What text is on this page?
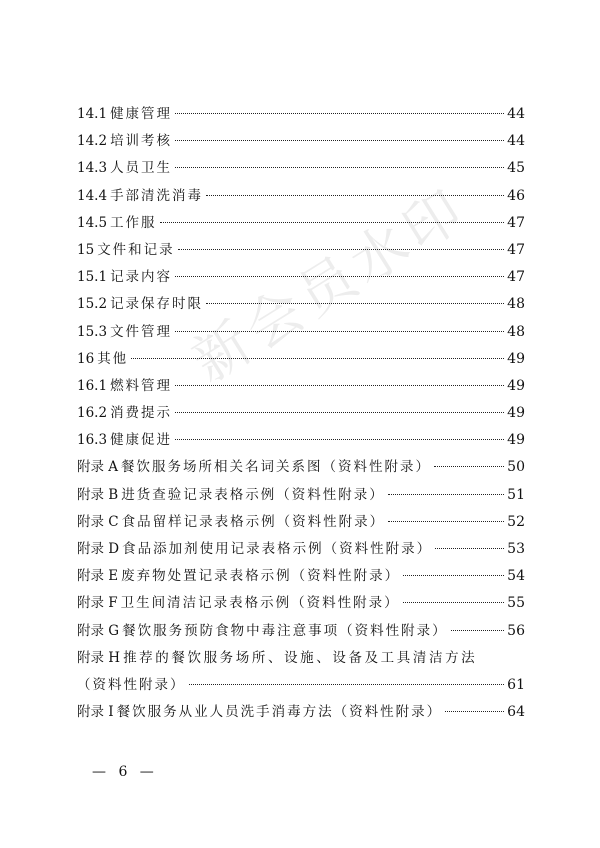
新会员水印
14.1 健康管理	44
14.2 培训考核	44
14.3 人员卫生	45
14.4 手部清洗消毒	46
14.5 工作服	47
15 文件和记录	47
15.1 记录内容	47
15.2 记录保存时限	48
15.3 文件管理	48
16 其他	49
16.1 燃料管理	49
16.2 消费提示	49
16.3 健康促进	49
附录 A 餐饮服务场所相关名词关系图（资料性附录）	50
附录 B 进货查验记录表格示例（资料性附录）	51
附录 C 食品留样记录表格示例（资料性附录）	52
附录 D 食品添加剂使用记录表格示例（资料性附录）	53
附录 E 废弃物处置记录表格示例（资料性附录）	54
附录 F 卫生间清洁记录表格示例（资料性附录）	55
附录 G 餐饮服务预防食物中毒注意事项（资料性附录）	56
附录 H 推荐的餐饮服务场所、设施、设备及工具清洁方法
（资料性附录）	61
附录 I 餐饮服务从业人员洗手消毒方法（资料性附录）	64
— 6 —
